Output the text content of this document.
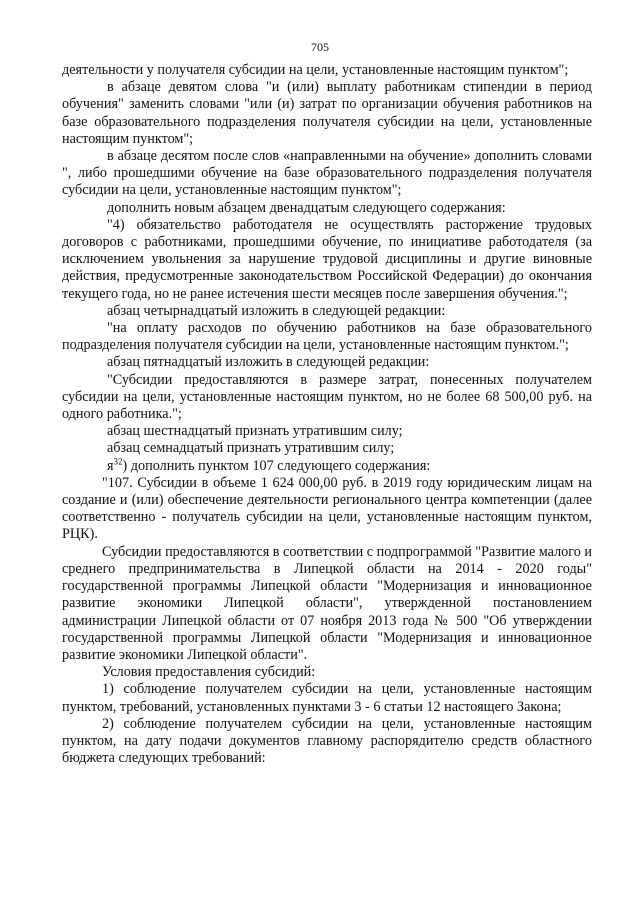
705

деятельности у получателя субсидии на цели, установленные настоящим пунктом";

в абзаце девятом слова "и (или) выплату работникам стипендии в период обучения" заменить словами "или (и) затрат по организации обучения работников на базе образовательного подразделения получателя субсидии на цели, установленные настоящим пунктом";

в абзаце десятом после слов «направленными на обучение» дополнить словами ", либо прошедшими обучение на базе образовательного подразделения получателя субсидии на цели, установленные настоящим пунктом";

дополнить новым абзацем двенадцатым следующего содержания:

"4) обязательство работодателя не осуществлять расторжение трудовых договоров с работниками, прошедшими обучение, по инициативе работодателя (за исключением увольнения за нарушение трудовой дисциплины и другие виновные действия, предусмотренные законодательством Российской Федерации) до окончания текущего года, но не ранее истечения шести месяцев после завершения обучения.";

абзац четырнадцатый изложить в следующей редакции:

"на оплату расходов по обучению работников на базе образовательного подразделения получателя субсидии на цели, установленные настоящим пунктом.";

абзац пятнадцатый изложить в следующей редакции:

"Субсидии предоставляются в размере затрат, понесенных получателем субсидии на цели, установленные настоящим пунктом, но не более 68 500,00 руб. на одного работника.";

абзац шестнадцатый признать утратившим силу;

абзац семнадцатый признать утратившим силу;

$я^{32}$) дополнить пунктом 107 следующего содержания:

"107. Субсидии в объеме 1 624 000,00 руб. в 2019 году юридическим лицам на создание и (или) обеспечение деятельности регионального центра компетенции (далее соответственно - получатель субсидии на цели, установленные настоящим пунктом, РЦК).

Субсидии предоставляются в соответствии с подпрограммой "Развитие малого и среднего предпринимательства в Липецкой области на 2014 - 2020 годы" государственной программы Липецкой области "Модернизация и инновационное развитие экономики Липецкой области", утвержденной постановлением администрации Липецкой области от 07 ноября 2013 года № 500 "Об утверждении государственной программы Липецкой области "Модернизация и инновационное развитие экономики Липецкой области".

Условия предоставления субсидий:

1) соблюдение получателем субсидии на цели, установленные настоящим пунктом, требований, установленных пунктами 3 - 6 статьи 12 настоящего Закона;

2) соблюдение получателем субсидии на цели, установленные настоящим пунктом, на дату подачи документов главному распорядителю средств областного бюджета следующих требований:
